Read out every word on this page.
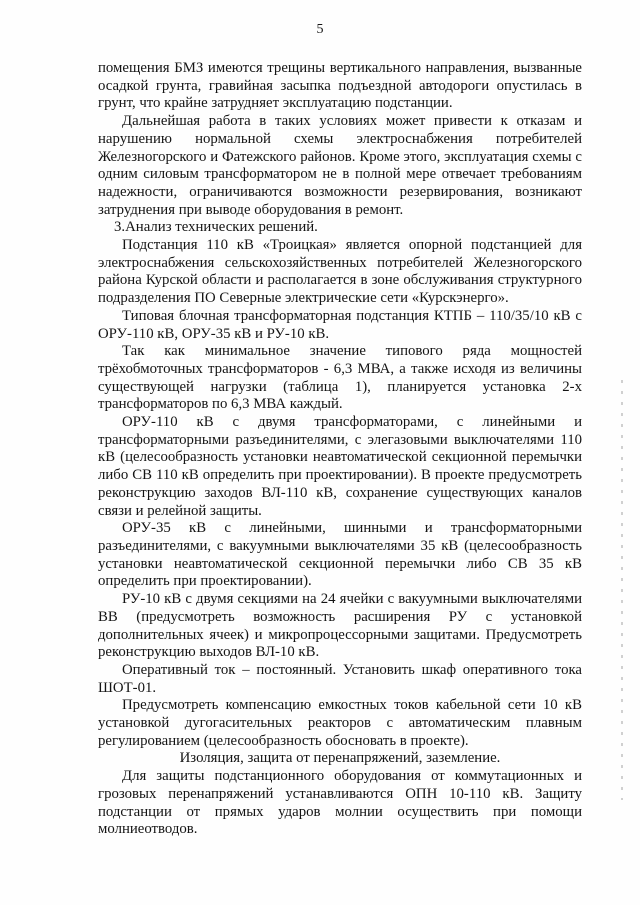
5

помещения БМЗ имеются трещины вертикального направления, вызванные осадкой грунта, гравийная засыпка подъездной автодороги опустилась в грунт, что крайне затрудняет эксплуатацию подстанции.

Дальнейшая работа в таких условиях может привести к отказам и нарушению нормальной схемы электроснабжения потребителей Железногорского и Фатежского районов. Кроме этого, эксплуатация схемы с одним силовым трансформатором не в полной мере отвечает требованиям надежности, ограничиваются возможности резервирования, возникают затруднения при выводе оборудования в ремонт.

3.Анализ технических решений.

Подстанция 110 кВ «Троицкая» является опорной подстанцией для электроснабжения сельскохозяйственных потребителей Железногорского района Курской области и располагается в зоне обслуживания структурного подразделения ПО Северные электрические сети «Курскэнерго».

Типовая блочная трансформаторная подстанция КТПБ – 110/35/10 кВ с ОРУ-110 кВ, ОРУ-35 кВ и РУ-10 кВ.

Так как минимальное значение типового ряда мощностей трёхобмоточных трансформаторов - 6,3 МВА, а также исходя из величины существующей нагрузки (таблица 1), планируется установка 2-х трансформаторов по 6,3 МВА каждый.

ОРУ-110 кВ с двумя трансформаторами, с линейными и трансформаторными разъединителями, с элегазовыми выключателями 110 кВ (целесообразность установки неавтоматической секционной перемычки либо СВ 110 кВ определить при проектировании). В проекте предусмотреть реконструкцию заходов ВЛ-110 кВ, сохранение существующих каналов связи и релейной защиты.

ОРУ-35 кВ с линейными, шинными и трансформаторными разъединителями, с вакуумными выключателями 35 кВ (целесообразность установки неавтоматической секционной перемычки либо СВ 35 кВ определить при проектировании).

РУ-10 кВ с двумя секциями на 24 ячейки с вакуумными выключателями ВВ (предусмотреть возможность расширения РУ с установкой дополнительных ячеек) и микропроцессорными защитами. Предусмотреть реконструкцию выходов ВЛ-10 кВ.

Оперативный ток – постоянный. Установить шкаф оперативного тока ШОТ-01.

Предусмотреть компенсацию емкостных токов кабельной сети 10 кВ установкой дугогасительных реакторов с автоматическим плавным регулированием (целесообразность обосновать в проекте).

Изоляция, защита от перенапряжений, заземление.

Для защиты подстанционного оборудования от коммутационных и грозовых перенапряжений устанавливаются ОПН 10-110 кВ. Защиту подстанции от прямых ударов молнии осуществить при помощи молниеотводов.
